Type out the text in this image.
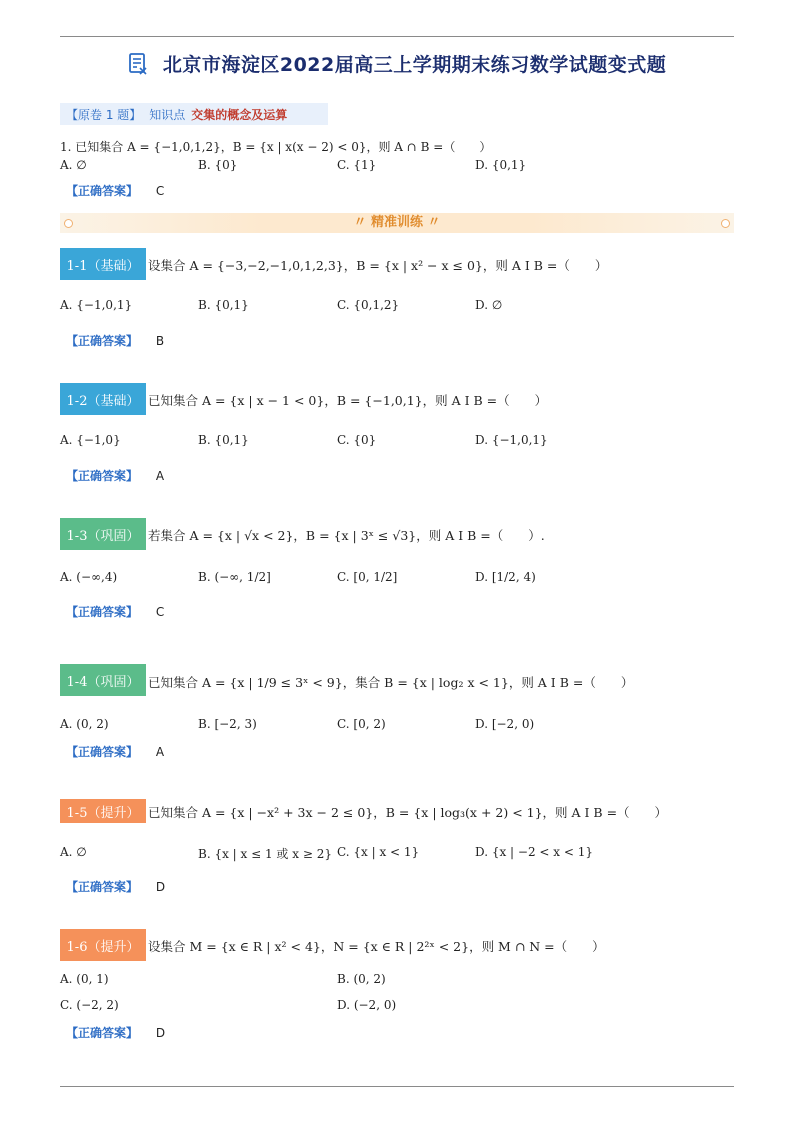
北京市海淀区2022届高三上学期期末练习数学试题变式题
【原卷 1 题】 知识点 交集的概念及运算
1. 已知集合 A = {−1,0,1,2}，B = {x | x(x − 2) < 0}，则 A ∩ B =（　　）
A. ∅	B. {0}	C. {1}	D. {0,1}
【正确答案】 C
〃 精准训练 〃
1-1（基础） 设集合 A = {−3,−2,−1,0,1,2,3}，B = {x | x² − x ≤ 0}，则 A I B =（　　）
A. {−1,0,1}	B. {0,1}	C. {0,1,2}	D. ∅
【正确答案】 B
1-2（基础） 已知集合 A = {x | x − 1 < 0}，B = {−1,0,1}，则 A I B =（　　）
A. {−1,0}	B. {0,1}	C. {0}	D. {−1,0,1}
【正确答案】 A
1-3（巩固） 若集合 A = {x | √x < 2}，B = {x | 3ˣ ≤ √3}，则 A I B =（　　）.
A. (−∞,4)	B. (−∞, 1/2]	C. [0, 1/2]	D. [1/2, 4)
【正确答案】 C
1-4（巩固） 已知集合 A = {x | 1/9 ≤ 3ˣ < 9}，集合 B = {x | log₂ x < 1}，则 A I B =（　　）
A. (0, 2)	B. [−2, 3)	C. [0, 2)	D. [−2, 0)
【正确答案】 A
1-5（提升） 已知集合 A = {x | −x² + 3x − 2 ≤ 0}，B = {x | log₃(x + 2) < 1}，则 A I B =（　　）
A. ∅	B. {x | x ≤ 1 或 x ≥ 2} C. {x | x < 1}	D. {x | −2 < x < 1}
【正确答案】 D
1-6（提升） 设集合 M = {x ∈ R | x² < 4}，N = {x ∈ R | 2²ˣ < 2}，则 M ∩ N =（　　）
A. (0, 1)	B. (0, 2)
C. (−2, 2)	D. (−2, 0)
【正确答案】 D
